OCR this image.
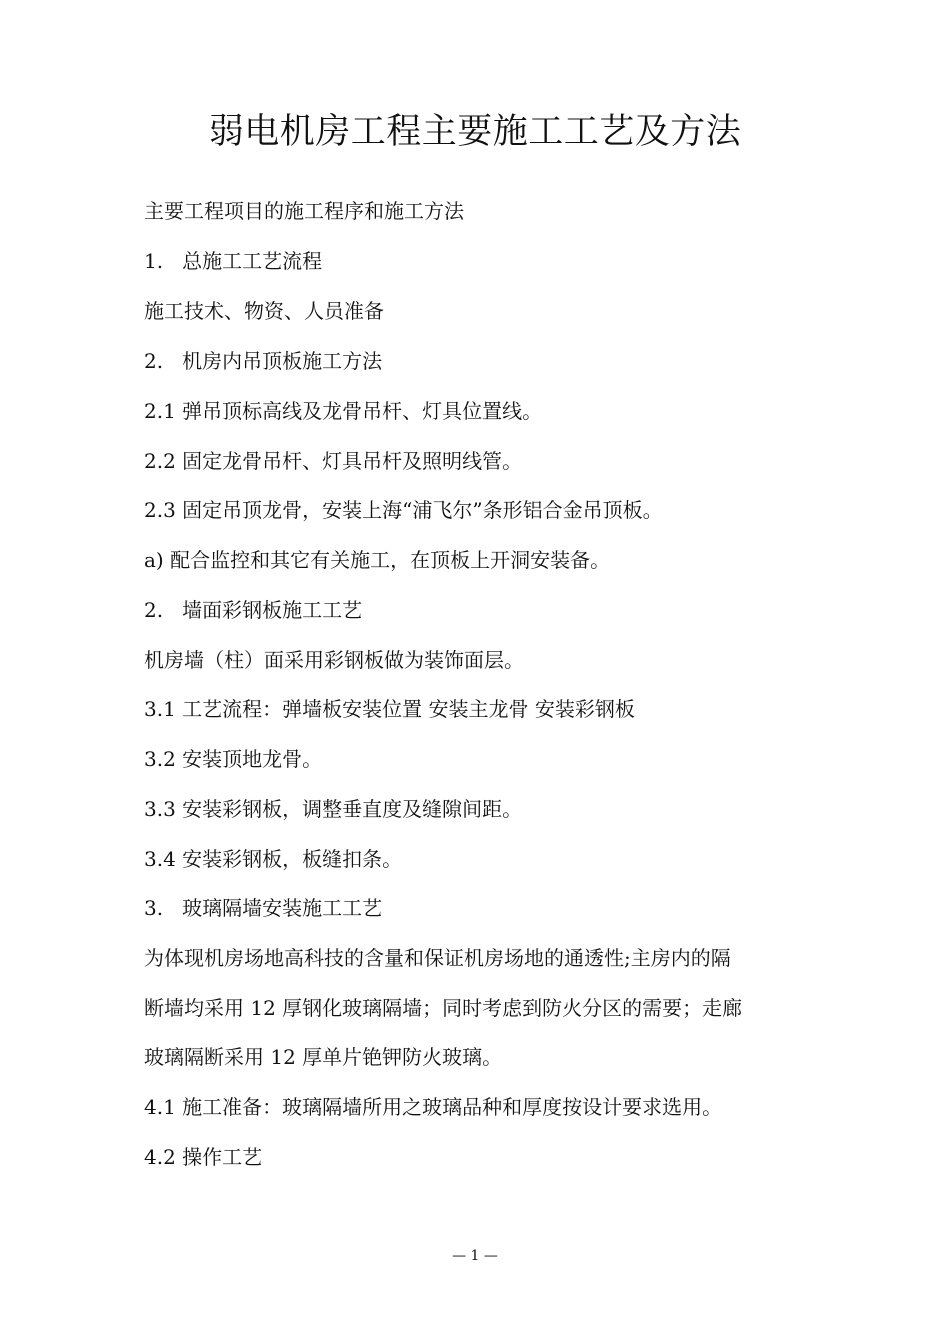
弱电机房工程主要施工工艺及方法
主要工程项目的施工程序和施工方法
1.   总施工工艺流程
施工技术、物资、人员准备
2.   机房内吊顶板施工方法
2.1 弹吊顶标高线及龙骨吊杆、灯具位置线。
2.2 固定龙骨吊杆、灯具吊杆及照明线管。
2.3 固定吊顶龙骨，安装上海“浦飞尔”条形铝合金吊顶板。
a) 配合监控和其它有关施工，在顶板上开洞安装备。
2.   墙面彩钢板施工工艺
机房墙（柱）面采用彩钢板做为装饰面层。
3.1 工艺流程：弹墙板安装位置 安装主龙骨 安装彩钢板
3.2 安装顶地龙骨。
3.3 安装彩钢板，调整垂直度及缝隙间距。
3.4 安装彩钢板，板缝扣条。
3.   玻璃隔墙安装施工工艺
为体现机房场地高科技的含量和保证机房场地的通透性;主房内的隔
断墙均采用 12 厚钢化玻璃隔墙；同时考虑到防火分区的需要；走廊
玻璃隔断采用 12 厚单片铯钾防火玻璃。
4.1 施工准备：玻璃隔墙所用之玻璃品种和厚度按设计要求选用。
4.2 操作工艺
— 1 —
